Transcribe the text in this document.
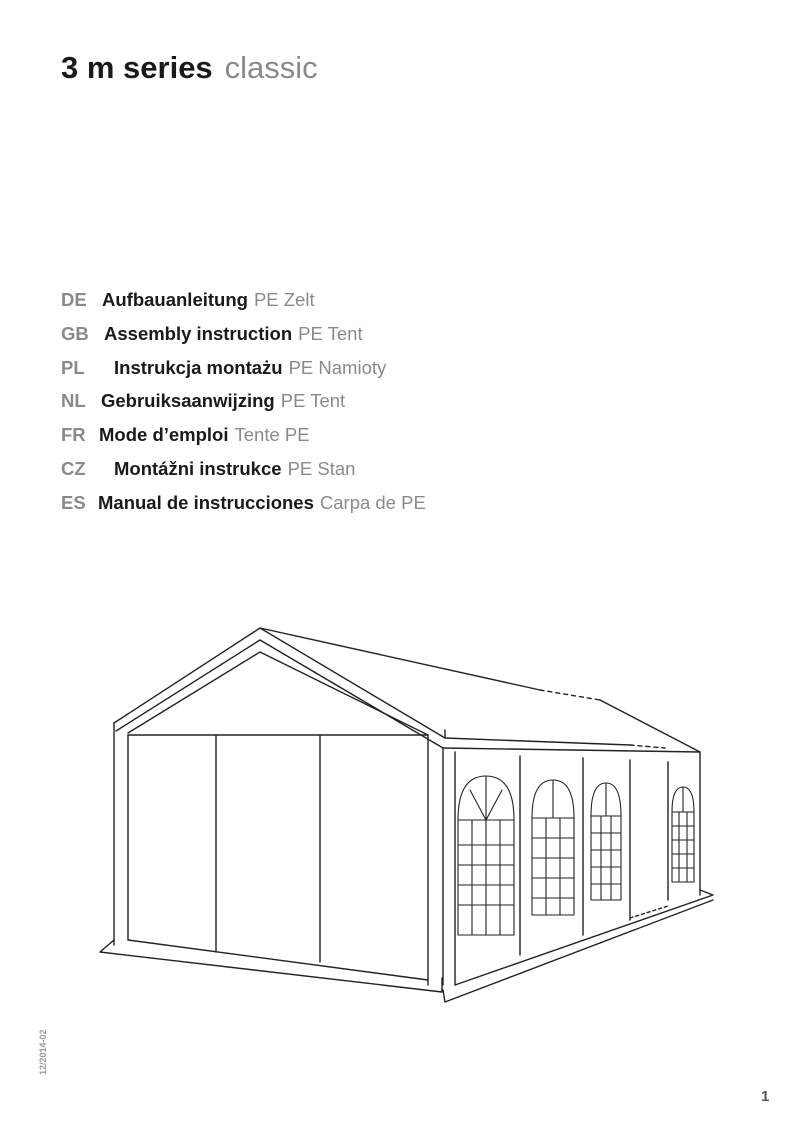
3 m series classic
DE Aufbauanleitung PE Zelt
GB Assembly instruction PE Tent
PL Instrukcja montażu PE Namioty
NL Gebruiksaanwijzing PE Tent
FR Mode d’emploi Tente PE
CZ Montážni instrukce PE Stan
ES Manual de instrucciones Carpa de PE
12/2014-02
1
